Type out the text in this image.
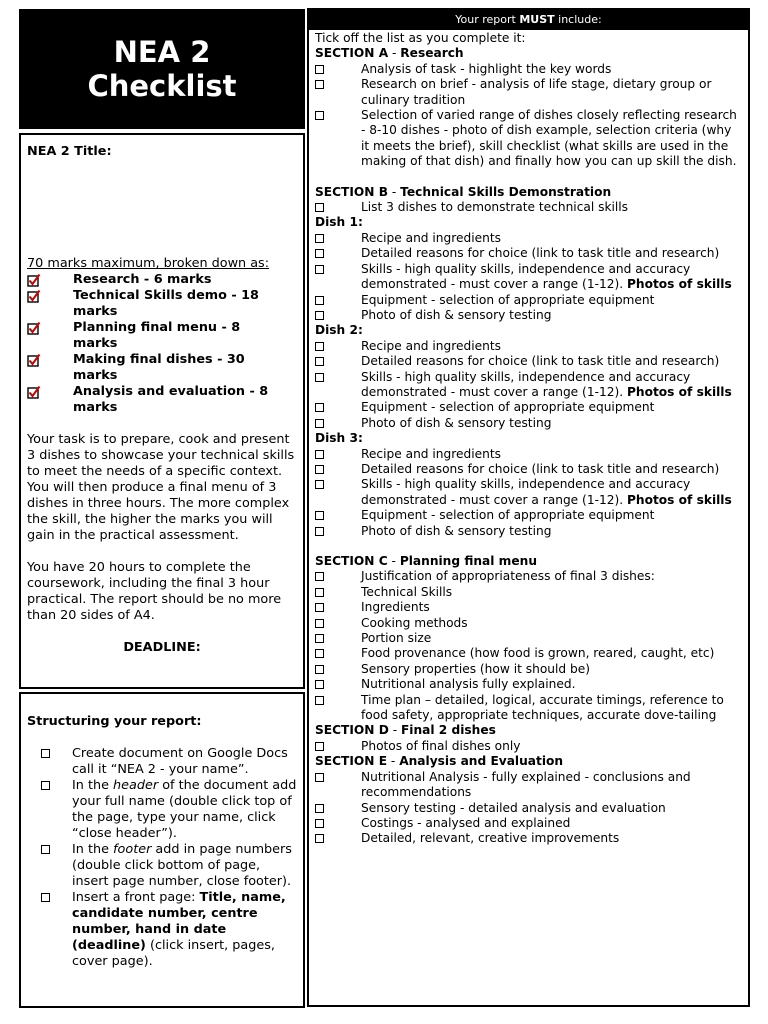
NEA 2
Checklist
NEA 2 Title:
70 marks maximum, broken down as:
Research - 6 marks
Technical Skills demo - 18 marks
Planning final menu - 8 marks
Making final dishes - 30 marks
Analysis and evaluation - 8 marks
Your task is to prepare, cook and present 3 dishes to showcase your technical skills to meet the needs of a specific context. You will then produce a final menu of 3 dishes in three hours. The more complex the skill, the higher the marks you will gain in the practical assessment.
You have 20 hours to complete the coursework, including the final 3 hour practical. The report should be no more than 20 sides of A4.
DEADLINE:
Structuring your report:
Create document on Google Docs call it “NEA 2 - your name”.
In the header of the document add your full name (double click top of the page, type your name, click “close header”).
In the footer add in page numbers (double click bottom of page, insert page number, close footer).
Insert a front page: Title, name, candidate number, centre number, hand in date (deadline) (click insert, pages, cover page).
Your report MUST include:
Tick off the list as you complete it:
SECTION A - Research
Analysis of task - highlight the key words
Research on brief - analysis of life stage, dietary group or culinary tradition
Selection of varied range of dishes closely reflecting research - 8-10 dishes - photo of dish example, selection criteria (why it meets the brief), skill checklist (what skills are used in the making of that dish) and finally how you can up skill the dish.
SECTION B - Technical Skills Demonstration
List 3 dishes to demonstrate technical skills
Dish 1:
Recipe and ingredients
Detailed reasons for choice (link to task title and research)
Skills - high quality skills, independence and accuracy demonstrated - must cover a range (1-12). Photos of skills
Equipment - selection of appropriate equipment
Photo of dish & sensory testing
Dish 2:
Recipe and ingredients
Detailed reasons for choice (link to task title and research)
Skills - high quality skills, independence and accuracy demonstrated - must cover a range (1-12). Photos of skills
Equipment - selection of appropriate equipment
Photo of dish & sensory testing
Dish 3:
Recipe and ingredients
Detailed reasons for choice (link to task title and research)
Skills - high quality skills, independence and accuracy demonstrated - must cover a range (1-12). Photos of skills
Equipment - selection of appropriate equipment
Photo of dish & sensory testing
SECTION C - Planning final menu
Justification of appropriateness of final 3 dishes:
Technical Skills
Ingredients
Cooking methods
Portion size
Food provenance (how food is grown, reared, caught, etc)
Sensory properties (how it should be)
Nutritional analysis fully explained.
Time plan – detailed, logical, accurate timings, reference to food safety, appropriate techniques, accurate dove-tailing
SECTION D - Final 2 dishes
Photos of final dishes only
SECTION E - Analysis and Evaluation
Nutritional Analysis - fully explained - conclusions and recommendations
Sensory testing - detailed analysis and evaluation
Costings - analysed and explained
Detailed, relevant, creative improvements
